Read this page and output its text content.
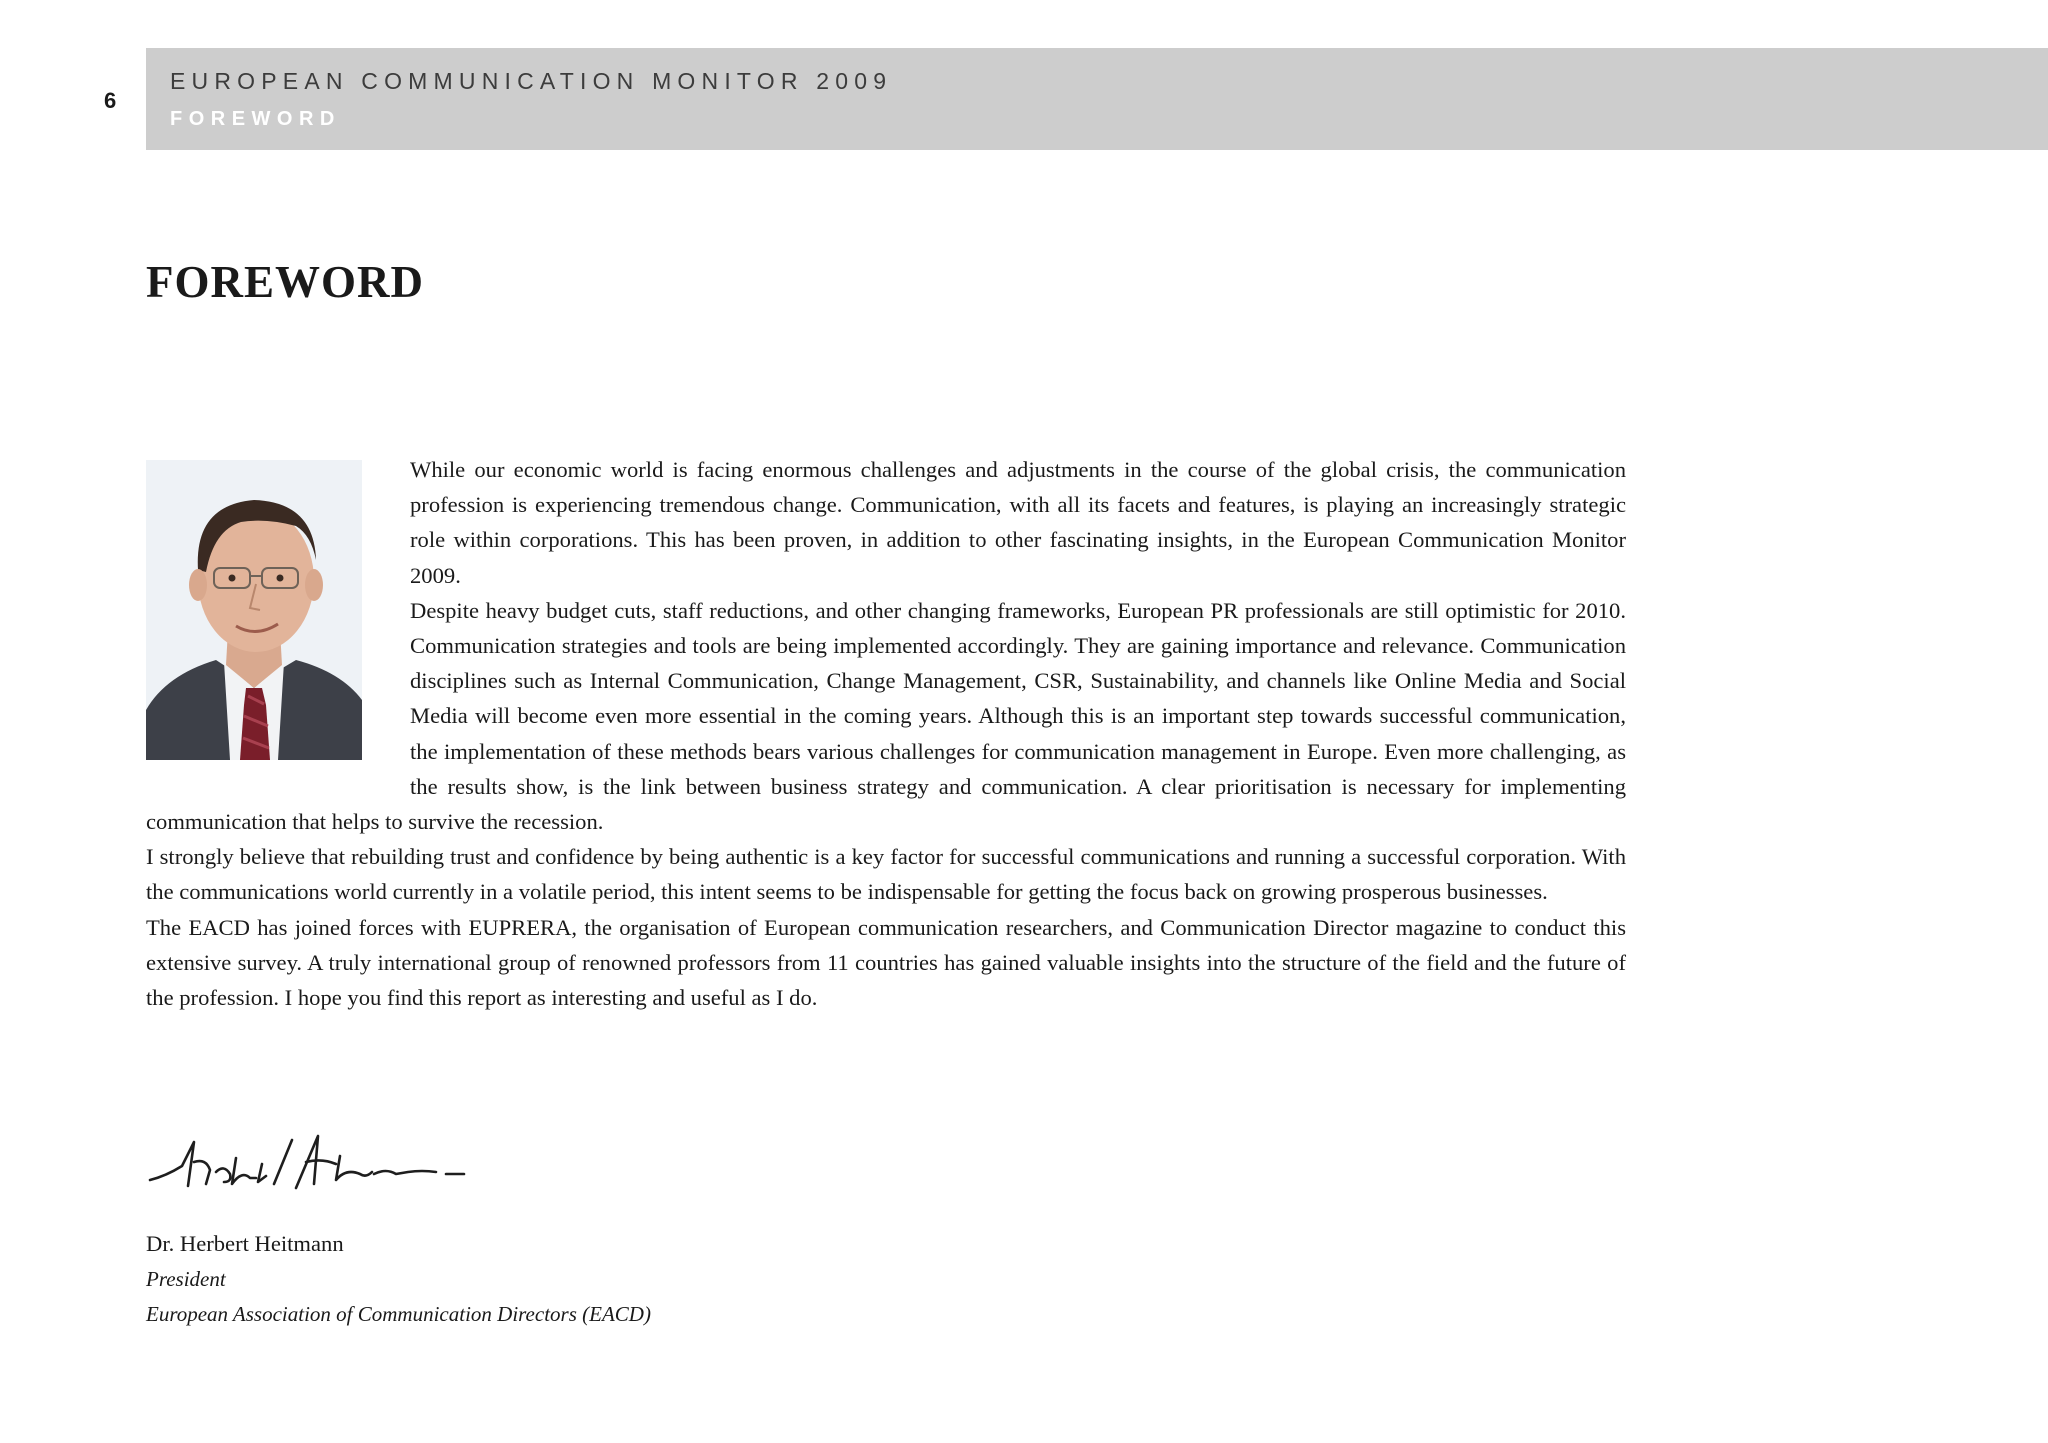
6
EUROPEAN COMMUNICATION MONITOR 2009
FOREWORD
FOREWORD

While our economic world is facing enormous challenges and adjustments in the course of the global crisis, the communication profession is experiencing tremendous change. Communication, with all its facets and features, is playing an increasingly strategic role within corporations. This has been proven, in addition to other fascinating insights, in the European Communication Monitor 2009.

Despite heavy budget cuts, staff reductions, and other changing frameworks, European PR professionals are still optimistic for 2010. Communication strategies and tools are being implemented accordingly. They are gaining importance and relevance. Communication disciplines such as Internal Communication, Change Management, CSR, Sustainability, and channels like Online Media and Social Media will become even more essential in the coming years. Although this is an important step towards successful communication, the implementation of these methods bears various challenges for communication management in Europe. Even more challenging, as the results show, is the link between business strategy and communication. A clear prioritisation is necessary for implementing communication that helps to survive the recession.

I strongly believe that rebuilding trust and confidence by being authentic is a key factor for successful communications and running a successful corporation. With the communications world currently in a volatile period, this intent seems to be indispensable for getting the focus back on growing prosperous businesses.

The EACD has joined forces with EUPRERA, the organisation of European communication researchers, and Communication Director magazine to conduct this extensive survey. A truly international group of renowned professors from 11 countries has gained valuable insights into the structure of the field and the future of the profession. I hope you find this report as interesting and useful as I do.

Dr. Herbert Heitmann
President
European Association of Communication Directors (EACD)
